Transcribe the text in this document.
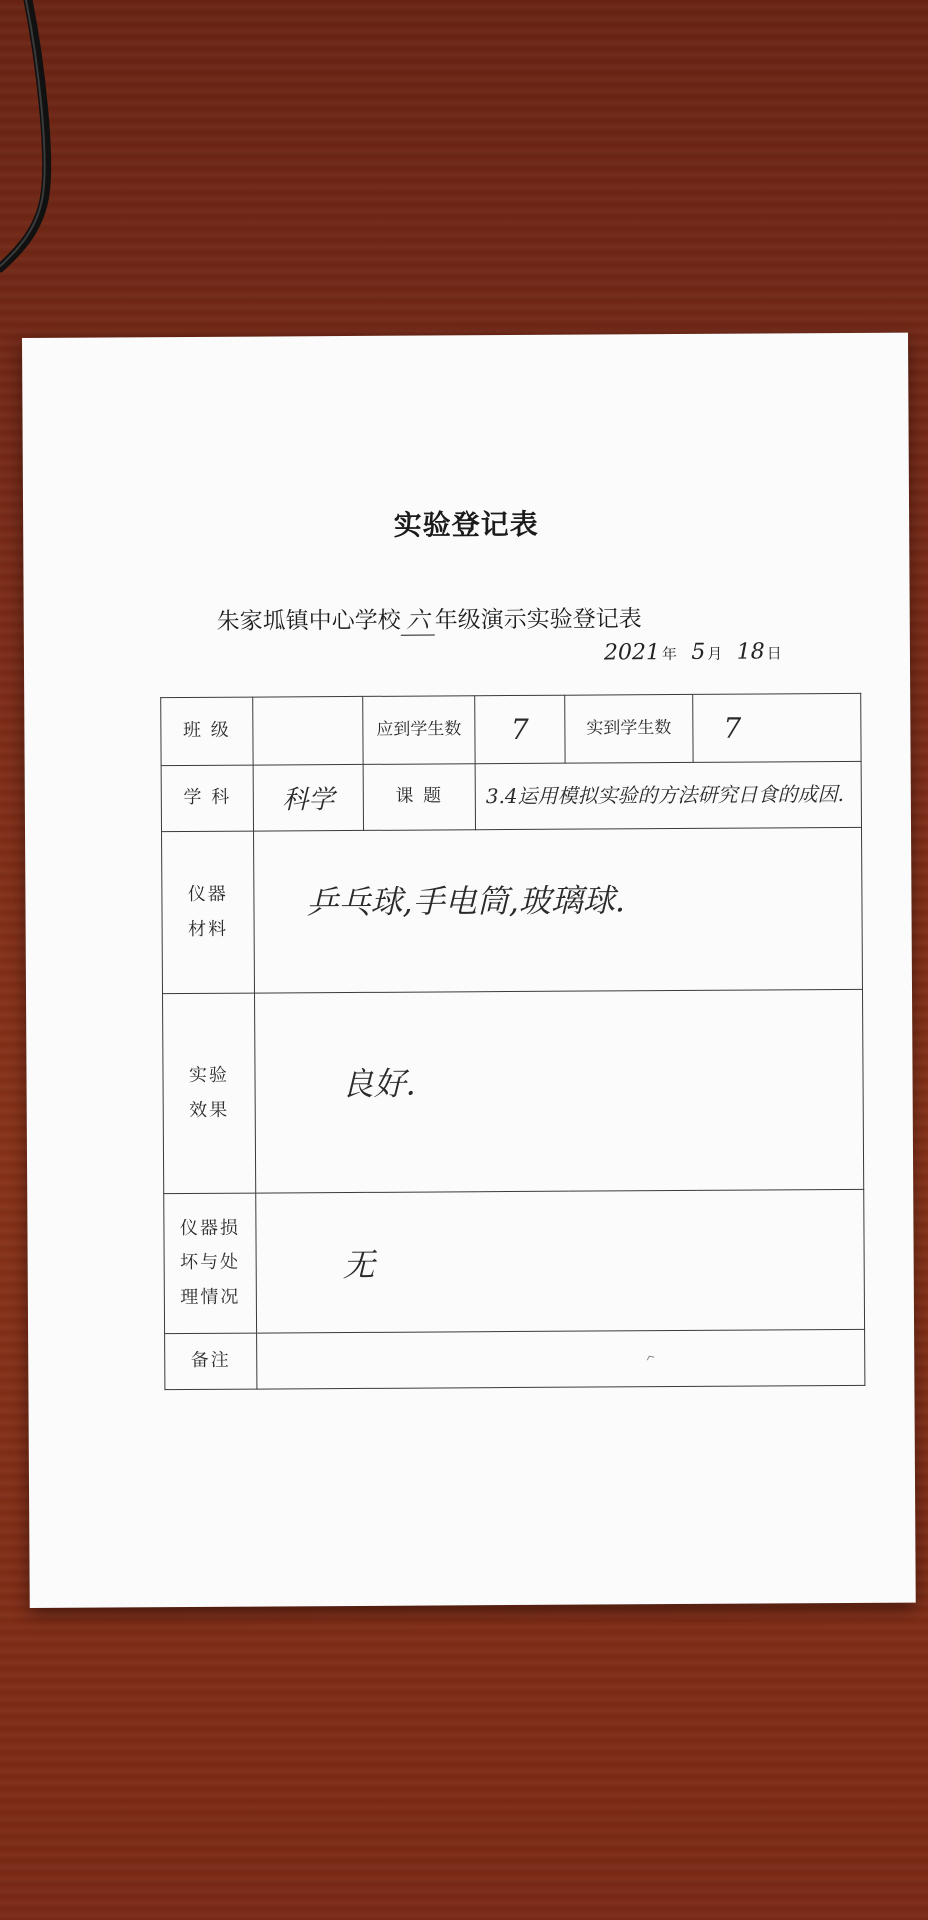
实验登记表
朱家坬镇中心学校 六 年级演示实验登记表
2021 年 5 月 18 日
班 级		应到学生数	7	实到学生数	7
学 科	科学	课 题	3.4运用模拟实验的方法研究日食的成因.		
仪器
材料	乒乓球,手电筒,玻璃球.				
实验
效果	良好.				
仪器损
坏与处
理情况	无				
备注					
